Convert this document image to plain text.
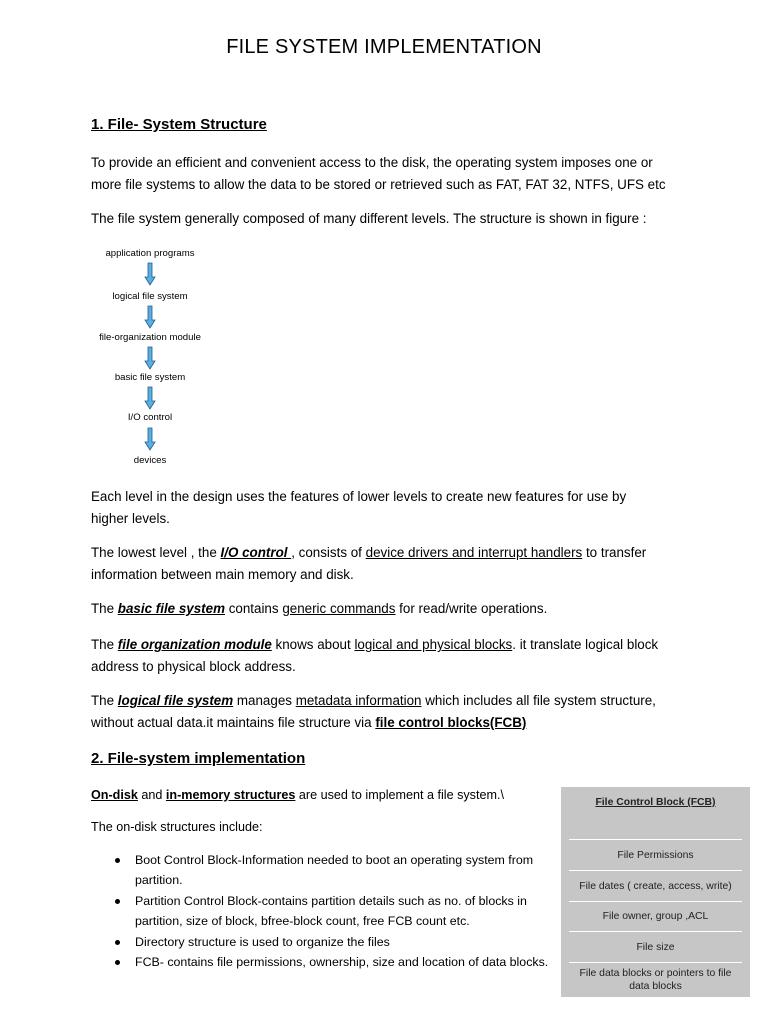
FILE SYSTEM IMPLEMENTATION
1. File- System Structure
To provide an efficient and convenient access to the disk, the operating system imposes one or
more file systems to allow the data to be stored or retrieved such as FAT, FAT 32, NTFS, UFS etc
The file system generally composed of many different levels. The structure is shown in figure :
application programs
logical file system
file-organization module
basic file system
I/O control
devices
Each level in the design uses the features of lower levels to create new features for use by
higher levels.
The lowest level , the I/O control , consists of device drivers and interrupt handlers to transfer
information between main memory and disk.
The basic file system contains generic commands for read/write operations.
The file organization module knows about logical and physical blocks. it translate logical block
address to physical block address.
The logical file system manages metadata information which includes all file system structure,
without actual data.it maintains file structure via file control blocks(FCB)
2. File-system implementation
On-disk and in-memory structures are used to implement a file system.\
The on-disk structures include:
Boot Control Block-Information needed to boot an operating system from
partition.
Partition Control Block-contains partition details such as no. of blocks in
partition, size of block, bfree-block count, free FCB count etc.
Directory structure is used to organize the files
FCB- contains file permissions, ownership, size and location of data blocks.
File Control Block (FCB)
File Permissions
File dates ( create, access, write)
File owner, group ,ACL
File size
File data blocks or pointers to file data blocks
